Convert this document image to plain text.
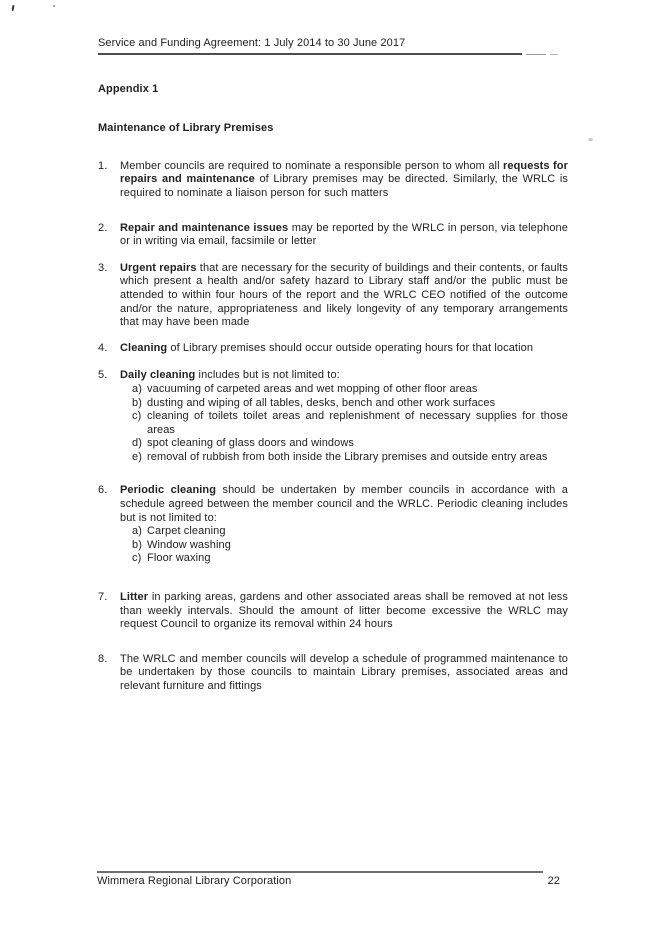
Service and Funding Agreement: 1 July 2014 to 30 June 2017
Appendix 1
Maintenance of Library Premises
1.	Member councils are required to nominate a responsible person to whom all requests for repairs and maintenance of Library premises may be directed. Similarly, the WRLC is required to nominate a liaison person for such matters
2.	Repair and maintenance issues may be reported by the WRLC in person, via telephone or in writing via email, facsimile or letter
3.	Urgent repairs that are necessary for the security of buildings and their contents, or faults which present a health and/or safety hazard to Library staff and/or the public must be attended to within four hours of the report and the WRLC CEO notified of the outcome and/or the nature, appropriateness and likely longevity of any temporary arrangements that may have been made
4.	Cleaning of Library premises should occur outside operating hours for that location
5.	Daily cleaning includes but is not limited to:
a) vacuuming of carpeted areas and wet mopping of other floor areas
b) dusting and wiping of all tables, desks, bench and other work surfaces
c) cleaning of toilets toilet areas and replenishment of necessary supplies for those areas
d) spot cleaning of glass doors and windows
e) removal of rubbish from both inside the Library premises and outside entry areas
6.	Periodic cleaning should be undertaken by member councils in accordance with a schedule agreed between the member council and the WRLC. Periodic cleaning includes but is not limited to:
a) Carpet cleaning
b) Window washing
c) Floor waxing
7.	Litter in parking areas, gardens and other associated areas shall be removed at not less than weekly intervals. Should the amount of litter become excessive the WRLC may request Council to organize its removal within 24 hours
8.	The WRLC and member councils will develop a schedule of programmed maintenance to be undertaken by those councils to maintain Library premises, associated areas and relevant furniture and fittings
Wimmera Regional Library Corporation	22
